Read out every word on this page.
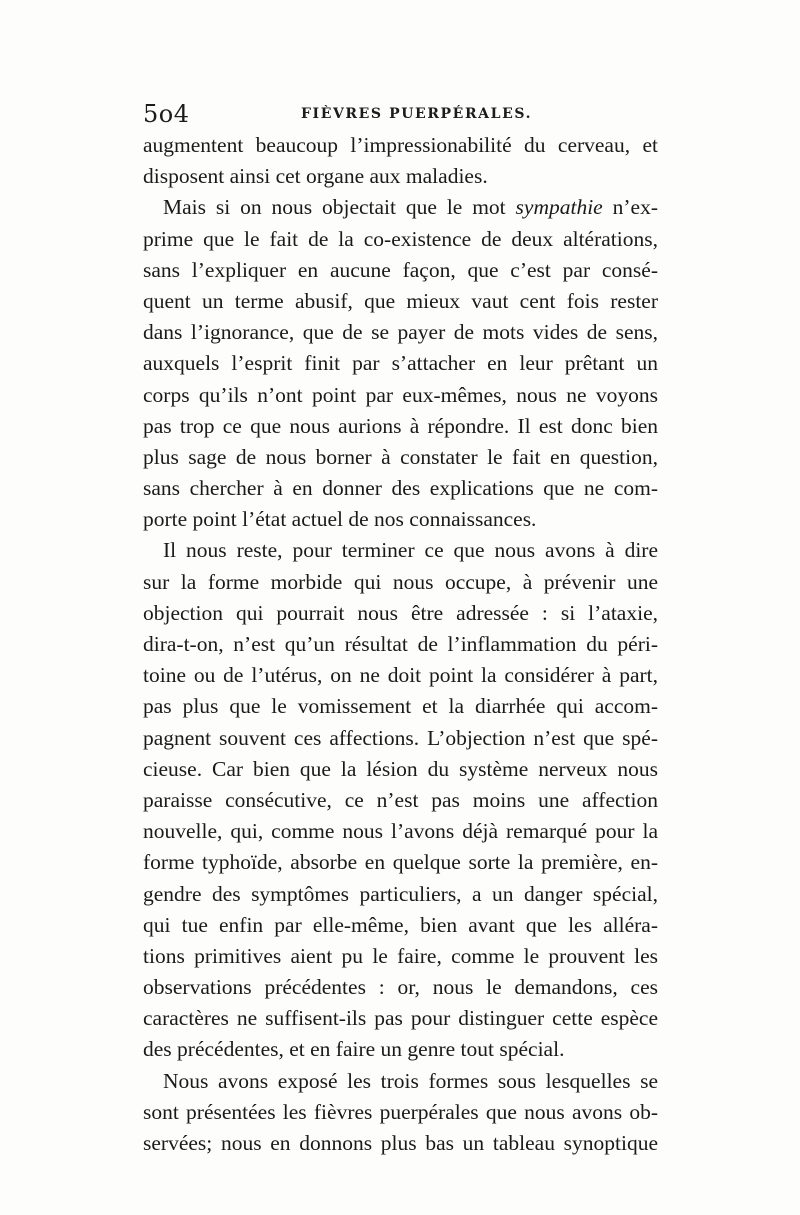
5o4	FIÈVRES PUERPÉRALES.
augmentent beaucoup l’impressionabilité du cerveau, et
disposent ainsi cet organe aux maladies.
Mais si on nous objectait que le mot sympathie n’ex-
prime que le fait de la co-existence de deux altérations,
sans l’expliquer en aucune façon, que c’est par consé-
quent un terme abusif, que mieux vaut cent fois rester
dans l’ignorance, que de se payer de mots vides de sens,
auxquels l’esprit finit par s’attacher en leur prêtant un
corps qu’ils n’ont point par eux-mêmes, nous ne voyons
pas trop ce que nous aurions à répondre. Il est donc bien
plus sage de nous borner à constater le fait en question,
sans chercher à en donner des explications que ne com-
porte point l’état actuel de nos connaissances.
Il nous reste, pour terminer ce que nous avons à dire
sur la forme morbide qui nous occupe, à prévenir une
objection qui pourrait nous être adressée : si l’ataxie,
dira-t-on, n’est qu’un résultat de l’inflammation du péri-
toine ou de l’utérus, on ne doit point la considérer à part,
pas plus que le vomissement et la diarrhée qui accom-
pagnent souvent ces affections. L’objection n’est que spé-
cieuse. Car bien que la lésion du système nerveux nous
paraisse consécutive, ce n’est pas moins une affection
nouvelle, qui, comme nous l’avons déjà remarqué pour la
forme typhoïde, absorbe en quelque sorte la première, en-
gendre des symptômes particuliers, a un danger spécial,
qui tue enfin par elle-même, bien avant que les alléra-
tions primitives aient pu le faire, comme le prouvent les
observations précédentes : or, nous le demandons, ces
caractères ne suffisent-ils pas pour distinguer cette espèce
des précédentes, et en faire un genre tout spécial.
Nous avons exposé les trois formes sous lesquelles se
sont présentées les fièvres puerpérales que nous avons ob-
servées; nous en donnons plus bas un tableau synoptique
